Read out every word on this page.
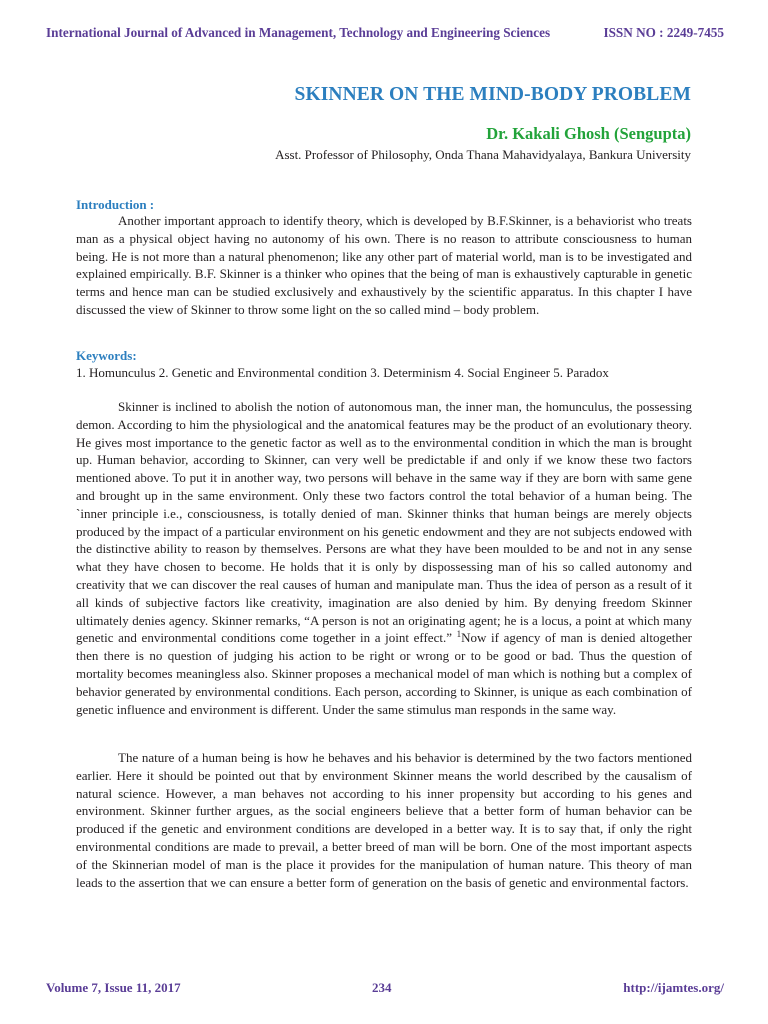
International Journal of Advanced in Management, Technology and Engineering Sciences	ISSN NO : 2249-7455
SKINNER ON THE MIND-BODY PROBLEM
Dr. Kakali Ghosh (Sengupta)
Asst. Professor of Philosophy, Onda Thana Mahavidyalaya, Bankura University
Introduction :

Another important approach to identify theory, which is developed by B.F.Skinner, is a behaviorist who treats man as a physical object having no autonomy of his own. There is no reason to attribute consciousness to human being. He is not more than a natural phenomenon; like any other part of material world, man is to be investigated and explained empirically. B.F. Skinner is a thinker who opines that the being of man is exhaustively capturable in genetic terms and hence man can be studied exclusively and exhaustively by the scientific apparatus. In this chapter I have discussed the view of Skinner to throw some light on the so called mind – body problem.

Keywords:
1. Homunculus 2. Genetic and Environmental condition 3. Determinism 4. Social Engineer 5. Paradox

Skinner is inclined to abolish the notion of autonomous man, the inner man, the homunculus, the possessing demon. According to him the physiological and the anatomical features may be the product of an evolutionary theory. He gives most importance to the genetic factor as well as to the environmental condition in which the man is brought up. Human behavior, according to Skinner, can very well be predictable if and only if we know these two factors mentioned above. To put it in another way, two persons will behave in the same way if they are born with same gene and brought up in the same environment. Only these two factors control the total behavior of a human being. The `inner principle i.e., consciousness, is totally denied of man. Skinner thinks that human beings are merely objects produced by the impact of a particular environment on his genetic endowment and they are not subjects endowed with the distinctive ability to reason by themselves. Persons are what they have been moulded to be and not in any sense what they have chosen to become. He holds that it is only by dispossessing man of his so called autonomy and creativity that we can discover the real causes of human and manipulate man. Thus the idea of person as a result of it all kinds of subjective factors like creativity, imagination are also denied by him. By denying freedom Skinner ultimately denies agency. Skinner remarks, “A person is not an originating agent; he is a locus, a point at which many genetic and environmental conditions come together in a joint effect.” $^1$Now if agency of man is denied altogether then there is no question of judging his action to be right or wrong or to be good or bad. Thus the question of mortality becomes meaningless also. Skinner proposes a mechanical model of man which is nothing but a complex of behavior generated by environmental conditions. Each person, according to Skinner, is unique as each combination of genetic influence and environment is different. Under the same stimulus man responds in the same way.

The nature of a human being is how he behaves and his behavior is determined by the two factors mentioned earlier. Here it should be pointed out that by environment Skinner means the world described by the causalism of natural science. However, a man behaves not according to his inner propensity but according to his genes and environment. Skinner further argues, as the social engineers believe that a better form of human behavior can be produced if the genetic and environment conditions are developed in a better way. It is to say that, if only the right environmental conditions are made to prevail, a better breed of man will be born. One of the most important aspects of the Skinnerian model of man is the place it provides for the manipulation of human nature. This theory of man leads to the assertion that we can ensure a better form of generation on the basis of genetic and environmental factors.

Volume 7, Issue 11, 2017	234	http://ijamtes.org/
